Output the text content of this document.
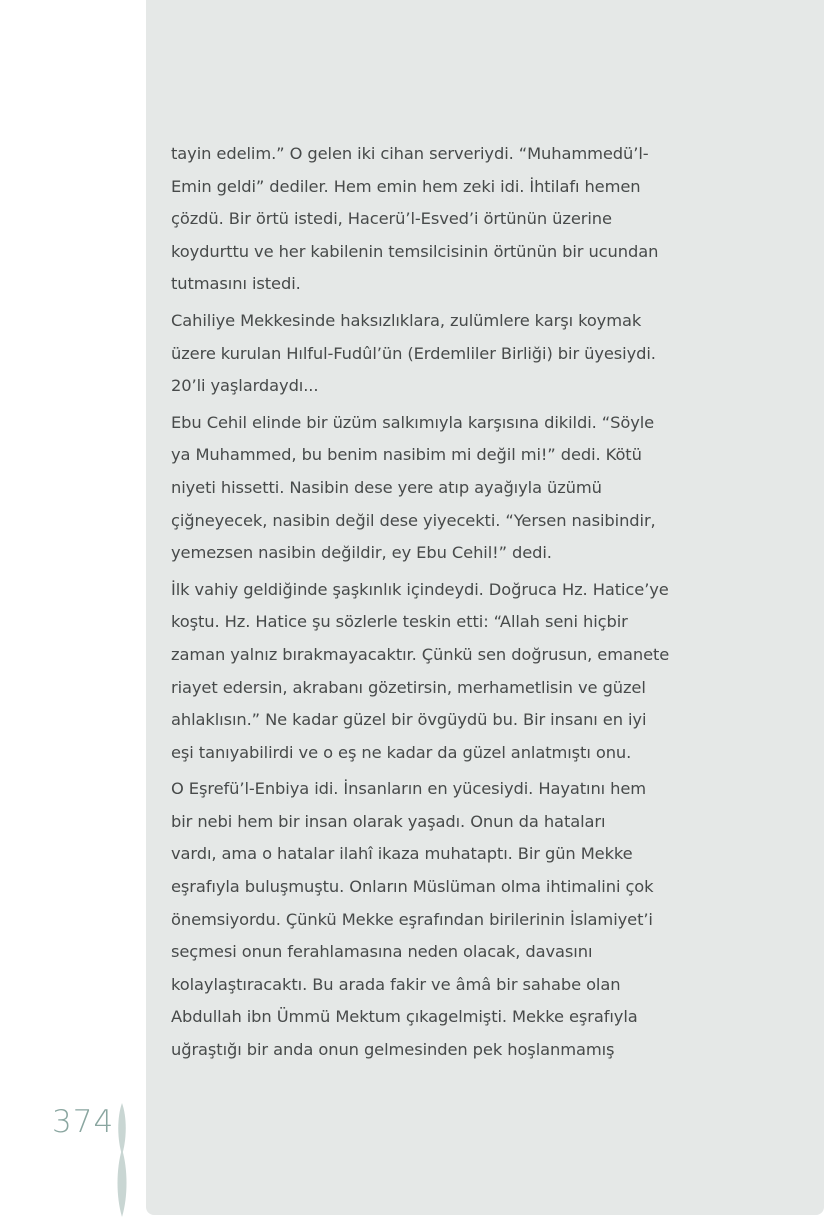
tayin edelim.” O gelen iki cihan serveriydi. “Muhammedü’l-
Emin geldi” dediler. Hem emin hem zeki idi. İhtilafı hemen
çözdü. Bir örtü istedi, Hacerü’l-Esved’i örtünün üzerine
koydurttu ve her kabilenin temsilcisinin örtünün bir ucundan
tutmasını istedi.
Cahiliye Mekkesinde haksızlıklara, zulümlere karşı koymak
üzere kurulan Hılful-Fudûl’ün (Erdemliler Birliği) bir üyesiydi.
20’li yaşlardaydı...
Ebu Cehil elinde bir üzüm salkımıyla karşısına dikildi. “Söyle
ya Muhammed, bu benim nasibim mi değil mi!” dedi. Kötü
niyeti hissetti. Nasibin dese yere atıp ayağıyla üzümü
çiğneyecek, nasibin değil dese yiyecekti. “Yersen nasibindir,
yemezsen nasibin değildir, ey Ebu Cehil!” dedi.
İlk vahiy geldiğinde şaşkınlık içindeydi. Doğruca Hz. Hatice’ye
koştu. Hz. Hatice şu sözlerle teskin etti: “Allah seni hiçbir
zaman yalnız bırakmayacaktır. Çünkü sen doğrusun, emanete
riayet edersin, akrabanı gözetirsin, merhametlisin ve güzel
ahlaklısın.” Ne kadar güzel bir övgüydü bu. Bir insanı en iyi
eşi tanıyabilirdi ve o eş ne kadar da güzel anlatmıştı onu.
O Eşrefü’l-Enbiya idi. İnsanların en yücesiydi. Hayatını hem
bir nebi hem bir insan olarak yaşadı. Onun da hataları
vardı, ama o hatalar ilahî ikaza muhataptı. Bir gün Mekke
eşrafıyla buluşmuştu. Onların Müslüman olma ihtimalini çok
önemsiyordu. Çünkü Mekke eşrafından birilerinin İslamiyet’i
seçmesi onun ferahlamasına neden olacak, davasını
kolaylaştıracaktı. Bu arada fakir ve âmâ bir sahabe olan
Abdullah ibn Ümmü Mektum çıkagelmişti. Mekke eşrafıyla
uğraştığı bir anda onun gelmesinden pek hoşlanmamış
374
